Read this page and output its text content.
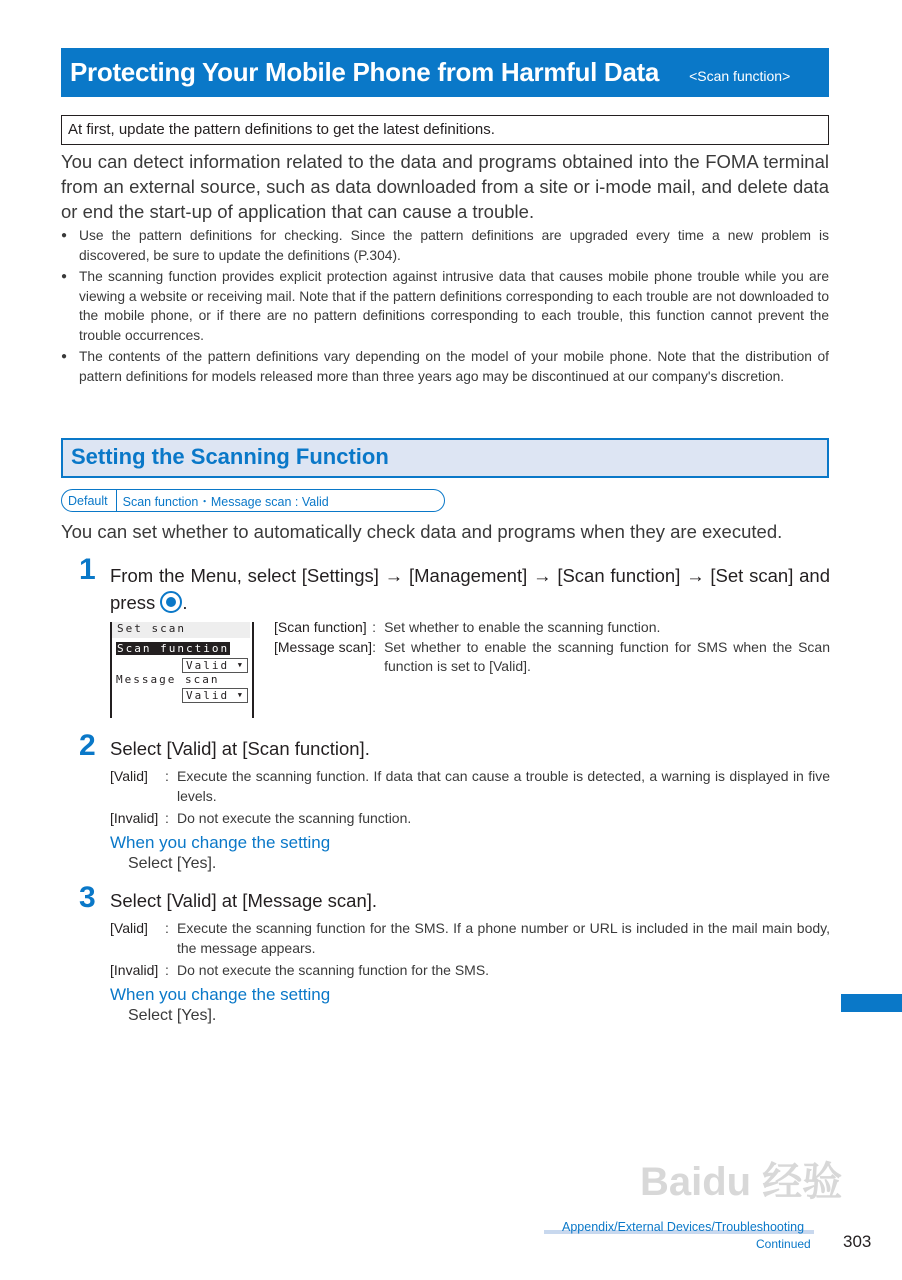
Protecting Your Mobile Phone from Harmful Data <Scan function>
At first, update the pattern definitions to get the latest definitions.
You can detect information related to the data and programs obtained into the FOMA terminal from an external source, such as data downloaded from a site or i-mode mail, and delete data or end the start-up of application that can cause a trouble.
● Use the pattern definitions for checking. Since the pattern definitions are upgraded every time a new problem is discovered, be sure to update the definitions (P.304).
● The scanning function provides explicit protection against intrusive data that causes mobile phone trouble while you are viewing a website or receiving mail. Note that if the pattern definitions corresponding to each trouble are not downloaded to the mobile phone, or if there are no pattern definitions corresponding to each trouble, this function cannot prevent the trouble occurrences.
● The contents of the pattern definitions vary depending on the model of your mobile phone. Note that the distribution of pattern definitions for models released more than three years ago may be discontinued at our company's discretion.
Setting the Scanning Function
Default	Scan function・Message scan : Valid
You can set whether to automatically check data and programs when they are executed.
1 From the Menu, select [Settings] → [Management] → [Scan function] → [Set scan] and press .
Set scan
Scan function
Valid ▼
Message scan
Valid ▼
[Scan function] : Set whether to enable the scanning function.
[Message scan] : Set whether to enable the scanning function for SMS when the Scan function is set to [Valid].
2 Select [Valid] at [Scan function].
[Valid]	: Execute the scanning function. If data that can cause a trouble is detected, a warning is displayed in five levels.
[Invalid] : Do not execute the scanning function.
When you change the setting
Select [Yes].
3 Select [Valid] at [Message scan].
[Valid]	: Execute the scanning function for the SMS. If a phone number or URL is included in the mail main body, the message appears.
[Invalid] : Do not execute the scanning function for the SMS.
When you change the setting
Select [Yes].
Baidu 经验
Appendix/External Devices/Troubleshooting
Continued 303
